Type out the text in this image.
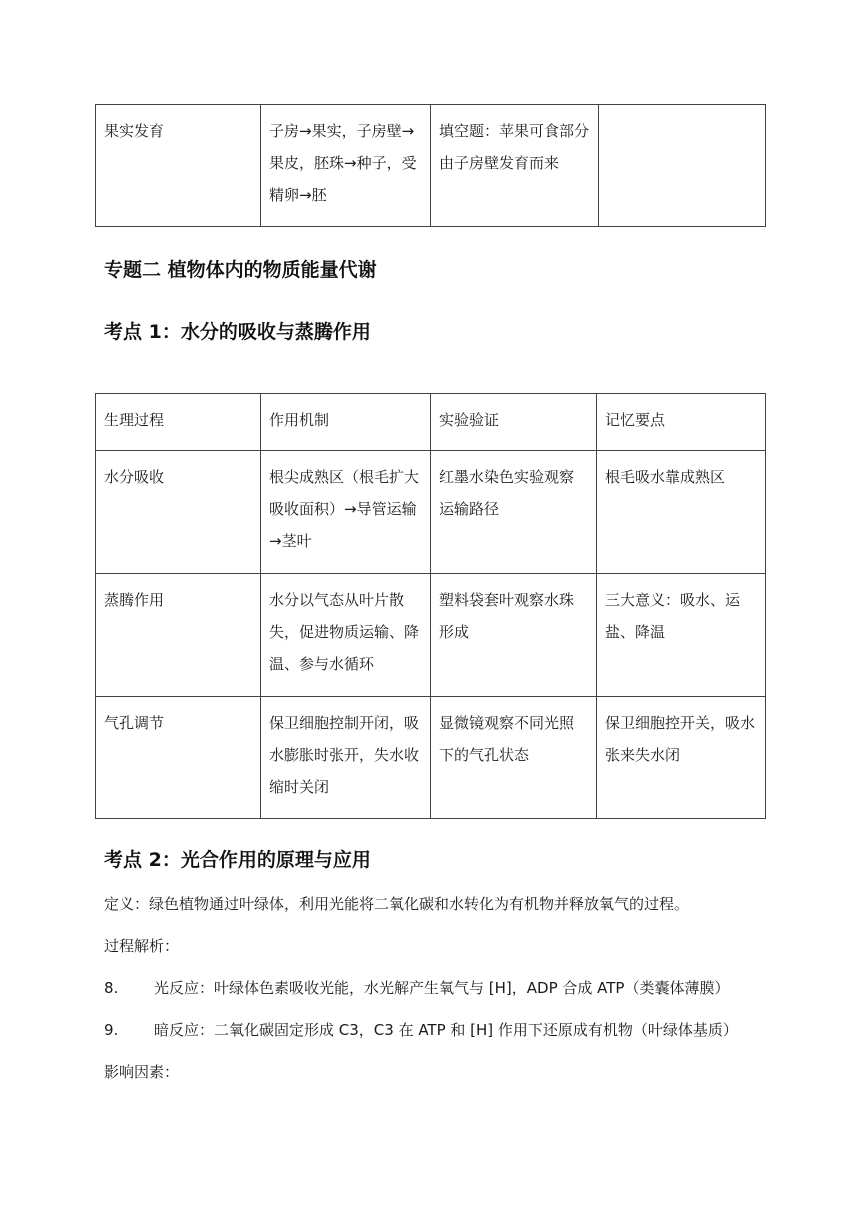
果实发育	子房→果实，子房壁→果皮，胚珠→种子，受精卵→胚	填空题：苹果可食部分由子房壁发育而来	
专题二 植物体内的物质能量代谢
考点 1：水分的吸收与蒸腾作用
生理过程	作用机制	实验验证	记忆要点
水分吸收	根尖成熟区（根毛扩大吸收面积）→导管运输→茎叶	红墨水染色实验观察运输路径	根毛吸水靠成熟区
蒸腾作用	水分以气态从叶片散失，促进物质运输、降温、参与水循环	塑料袋套叶观察水珠形成	三大意义：吸水、运盐、降温
气孔调节	保卫细胞控制开闭，吸水膨胀时张开，失水收缩时关闭	显微镜观察不同光照下的气孔状态	保卫细胞控开关，吸水张来失水闭
考点 2：光合作用的原理与应用

定义：绿色植物通过叶绿体，利用光能将二氧化碳和水转化为有机物并释放氧气的过程。

过程解析：

8. 光反应：叶绿体色素吸收光能，水光解产生氧气与 [H]，ADP 合成 ATP（类囊体薄膜）
9. 暗反应：二氧化碳固定形成 C3，C3 在 ATP 和 [H] 作用下还原成有机物（叶绿体基质）

影响因素：
